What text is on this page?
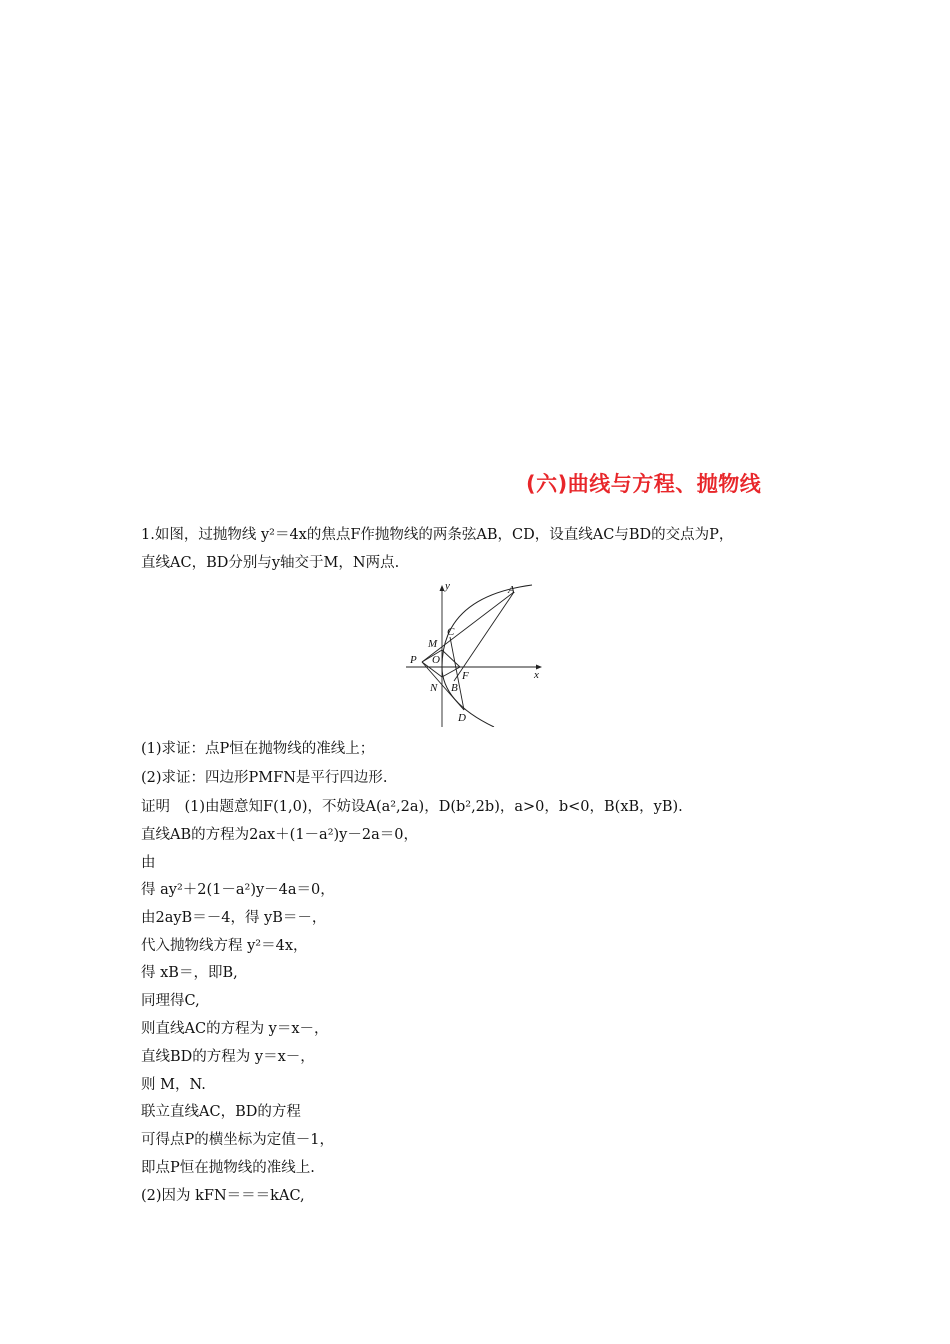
(六)曲线与方程、抛物线
1.如图，过抛物线 y²＝4x的焦点F作抛物线的两条弦AB，CD，设直线AC与BD的交点为P，
直线AC，BD分别与y轴交于M，N两点.
y
x
A
C
M
P O
N B
F
D
(1)求证：点P恒在抛物线的准线上；
(2)求证：四边形PMFN是平行四边形.
证明　(1)由题意知F(1,0)，不妨设A(a²,2a)，D(b²,2b)，a>0，b<0，B(xB，yB).
直线AB的方程为2ax＋(1－a²)y－2a＝0，
由
得 ay²＋2(1－a²)y－4a＝0，
由2ayB＝－4，得 yB＝－，
代入抛物线方程 y²＝4x，
得 xB＝，即B,
同理得C,
则直线AC的方程为 y＝x－，
直线BD的方程为 y＝x－，
则 M，N.
联立直线AC，BD的方程
可得点P的横坐标为定值－1，
即点P恒在抛物线的准线上.
(2)因为 kFN＝＝＝kAC,
